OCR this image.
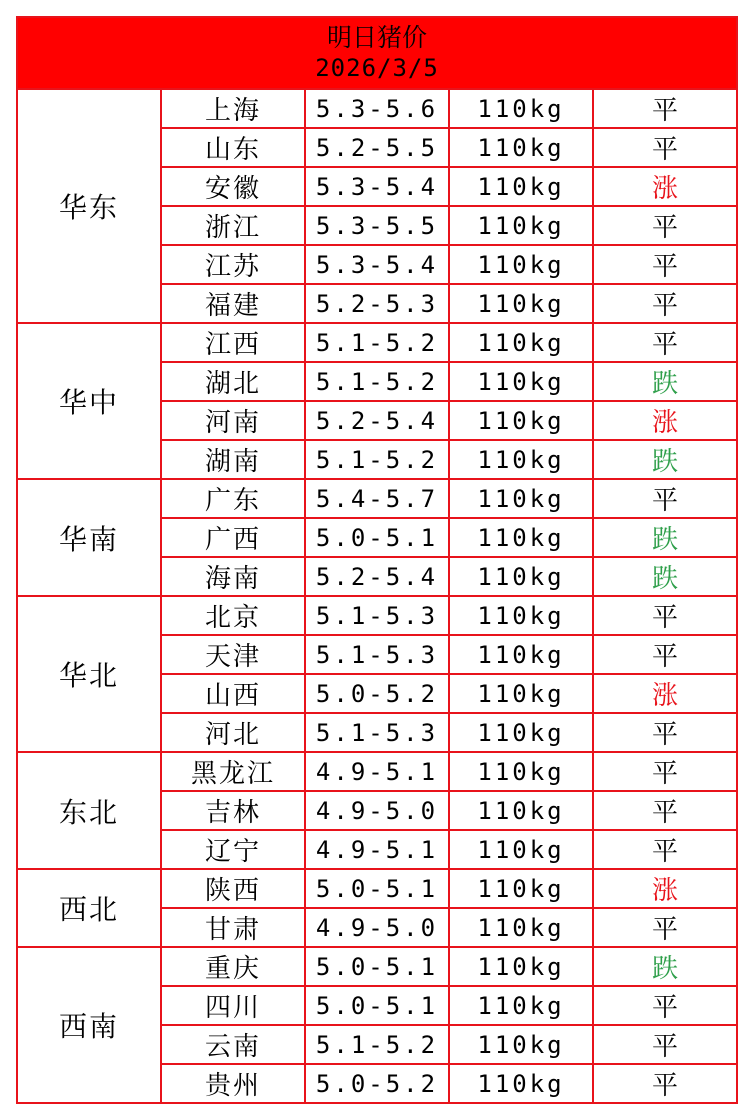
明日猪价
2026/3/5				

华东	上海	5.3-5.6	110kg	平
	山东	5.2-5.5	110kg	平
	安徽	5.3-5.4	110kg	涨
	浙江	5.3-5.5	110kg	平
	江苏	5.3-5.4	110kg	平
	福建	5.2-5.3	110kg	平
华中	江西	5.1-5.2	110kg	平
	湖北	5.1-5.2	110kg	跌
	河南	5.2-5.4	110kg	涨
	湖南	5.1-5.2	110kg	跌
华南	广东	5.4-5.7	110kg	平
	广西	5.0-5.1	110kg	跌
	海南	5.2-5.4	110kg	跌
华北	北京	5.1-5.3	110kg	平
	天津	5.1-5.3	110kg	平
	山西	5.0-5.2	110kg	涨
	河北	5.1-5.3	110kg	平
东北	黑龙江	4.9-5.1	110kg	平
	吉林	4.9-5.0	110kg	平
	辽宁	4.9-5.1	110kg	平
西北	陕西	5.0-5.1	110kg	涨
	甘肃	4.9-5.0	110kg	平
西南	重庆	5.0-5.1	110kg	跌
	四川	5.0-5.1	110kg	平
	云南	5.1-5.2	110kg	平
	贵州	5.0-5.2	110kg	平
